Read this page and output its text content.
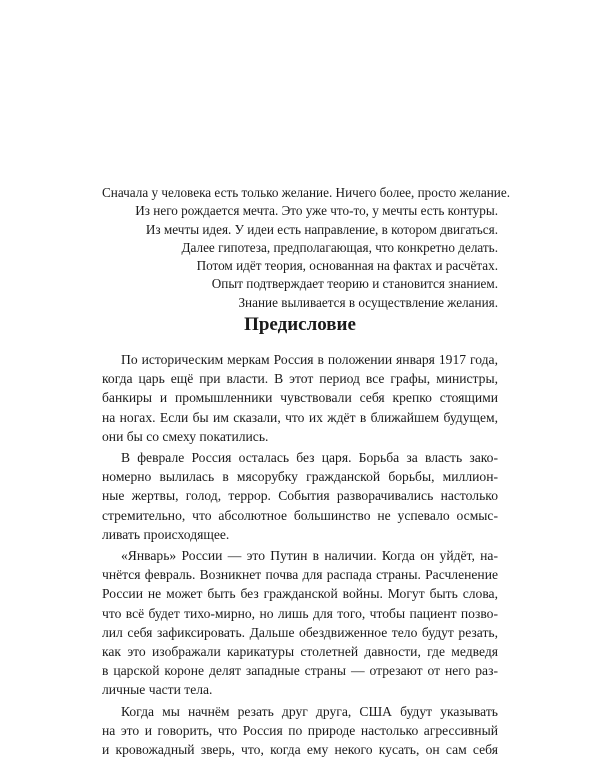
Сначала у человека есть только желание. Ничего более, просто желание.
Из него рождается мечта. Это уже что-то, у мечты есть контуры.
Из мечты идея. У идеи есть направление, в котором двигаться.
Далее гипотеза, предполагающая, что конкретно делать.
Потом идёт теория, основанная на фактах и расчётах.
Опыт подтверждает теорию и становится знанием.
Знание выливается в осуществление желания.
Предисловие

По историческим меркам Россия в положении января 1917 года,
когда царь ещё при власти. В этот период все графы, министры,
банкиры и промышленники чувствовали себя крепко стоящими
на ногах. Если бы им сказали, что их ждёт в ближайшем будущем,
они бы со смеху покатились.

В феврале Россия осталась без царя. Борьба за власть зако-
номерно вылилась в мясорубку гражданской борьбы, миллион-
ные жертвы, голод, террор. События разворачивались настолько
стремительно, что абсолютное большинство не успевало осмыс-
ливать происходящее.

«Январь» России — это Путин в наличии. Когда он уйдёт, на-
чнётся февраль. Возникнет почва для распада страны. Расчленение
России не может быть без гражданской войны. Могут быть слова,
что всё будет тихо-мирно, но лишь для того, чтобы пациент позво-
лил себя зафиксировать. Дальше обездвиженное тело будут резать,
как это изображали карикатуры столетней давности, где медведя
в царской короне делят западные страны — отрезают от него раз-
личные части тела.

Когда мы начнём резать друг друга, США будут указывать
на это и говорить, что Россия по природе настолько агрессивный
и кровожадный зверь, что, когда ему некого кусать, он сам себя
